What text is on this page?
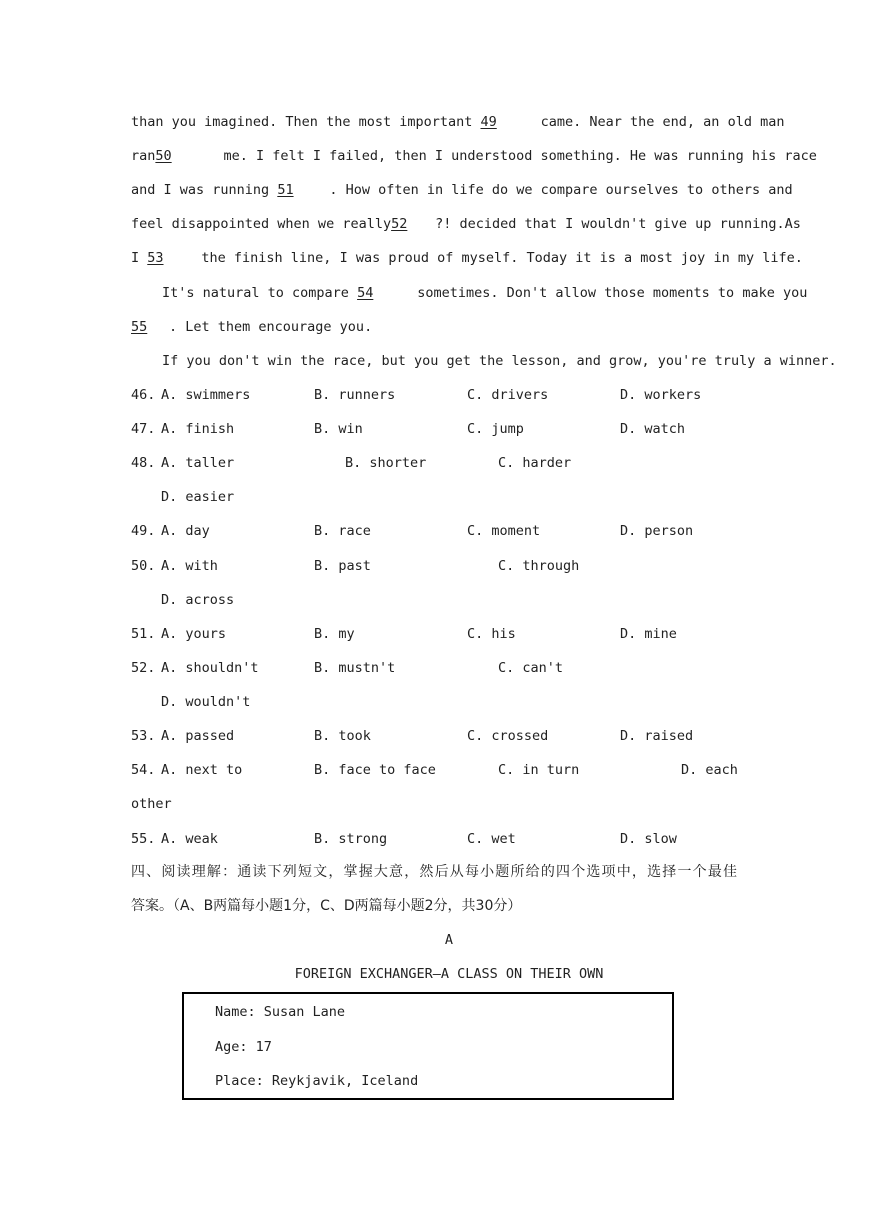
than you imagined. Then the most important 49	came. Near the end, an old man
ran50	me. I felt I failed, then I understood something. He was running his race
and I was running 51	. How often in life do we compare ourselves to others and
feel disappointed when we really52 ?! decided that I wouldn't give up running.As
I 53 the finish line, I was proud of myself. Today it is a most joy in my life.
It's natural to compare 54	sometimes. Don't allow those moments to make you
55 . Let them encourage you.
If you don't win the race, but you get the lesson, and grow, you're truly a winner.
46. A. swimmers	B. runners	C. drivers	D. workers
47. A. finish	B. win	C. jump	D. watch
48. A. taller	B. shorter	C. harder
D. easier
49. A. day	B. race	C. moment	D. person
50. A. with	B. past	C. through
D. across
51. A. yours	B. my	C. his	D. mine
52. A. shouldn't	B. mustn't	C. can't
D. wouldn't
53. A. passed	B. took	C. crossed	D. raised
54. A. next to	B. face to face	C. in turn	D. each
other
55. A. weak	B. strong	C. wet	D. slow
四、阅读理解：通读下列短文，掌握大意，然后从每小题所给的四个选项中，选择一个最佳
答案。（A、B两篇每小题1分，C、D两篇每小题2分，共30分）
A
FOREIGN EXCHANGER—A CLASS ON THEIR OWN
Name: Susan Lane
Age: 17
Place: Reykjavik, Iceland
